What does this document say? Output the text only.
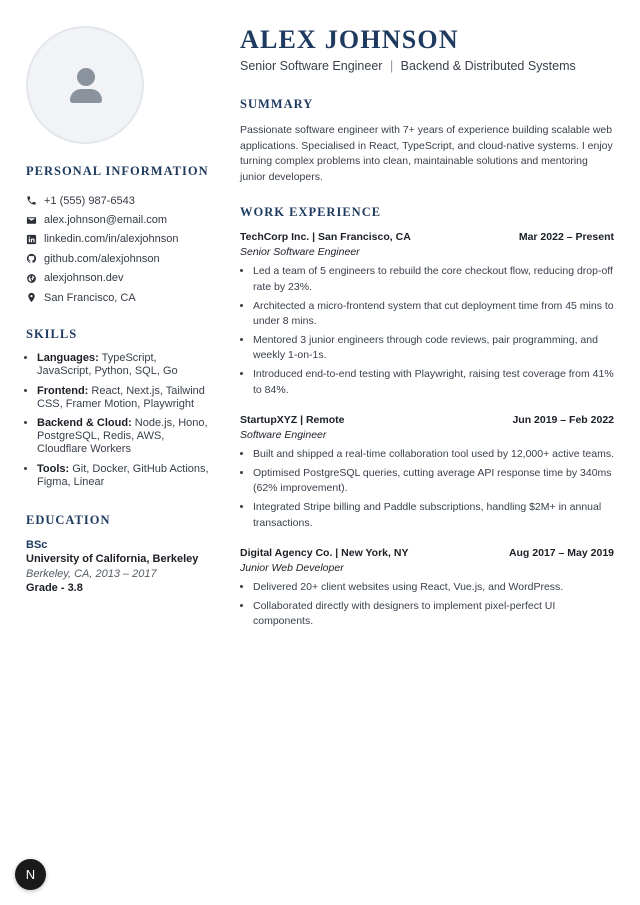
PERSONAL INFORMATION
+1 (555) 987-6543
alex.johnson@email.com
linkedin.com/in/alexjohnson
github.com/alexjohnson
alexjohnson.dev
San Francisco, CA
SKILLS
• Languages: TypeScript, JavaScript, Python, SQL, Go
• Frontend: React, Next.js, Tailwind CSS, Framer Motion, Playwright
• Backend & Cloud: Node.js, Hono, PostgreSQL, Redis, AWS, Cloudflare Workers
• Tools: Git, Docker, GitHub Actions, Figma, Linear
EDUCATION
BSc
University of California, Berkeley
Berkeley, CA, 2013 – 2017
Grade - 3.8
ALEX JOHNSON
Senior Software Engineer | Backend & Distributed Systems
SUMMARY

Passionate software engineer with 7+ years of experience building scalable web applications. Specialised in React, TypeScript, and cloud-native systems. I enjoy turning complex problems into clean, maintainable solutions and mentoring junior developers.

WORK EXPERIENCE
TechCorp Inc. | San Francisco, CA	Mar 2022 – Present
Senior Software Engineer
• Led a team of 5 engineers to rebuild the core checkout flow, reducing drop-off rate by 23%.
• Architected a micro-frontend system that cut deployment time from 45 mins to under 8 mins.
• Mentored 3 junior engineers through code reviews, pair programming, and weekly 1-on-1s.
• Introduced end-to-end testing with Playwright, raising test coverage from 41% to 84%.
StartupXYZ | Remote	Jun 2019 – Feb 2022
Software Engineer
• Built and shipped a real-time collaboration tool used by 12,000+ active teams.
• Optimised PostgreSQL queries, cutting average API response time by 340ms (62% improvement).
• Integrated Stripe billing and Paddle subscriptions, handling $2M+ in annual transactions.
Digital Agency Co. | New York, NY	Aug 2017 – May 2019
Junior Web Developer
• Delivered 20+ client websites using React, Vue.js, and WordPress.
• Collaborated directly with designers to implement pixel-perfect UI components.
N
